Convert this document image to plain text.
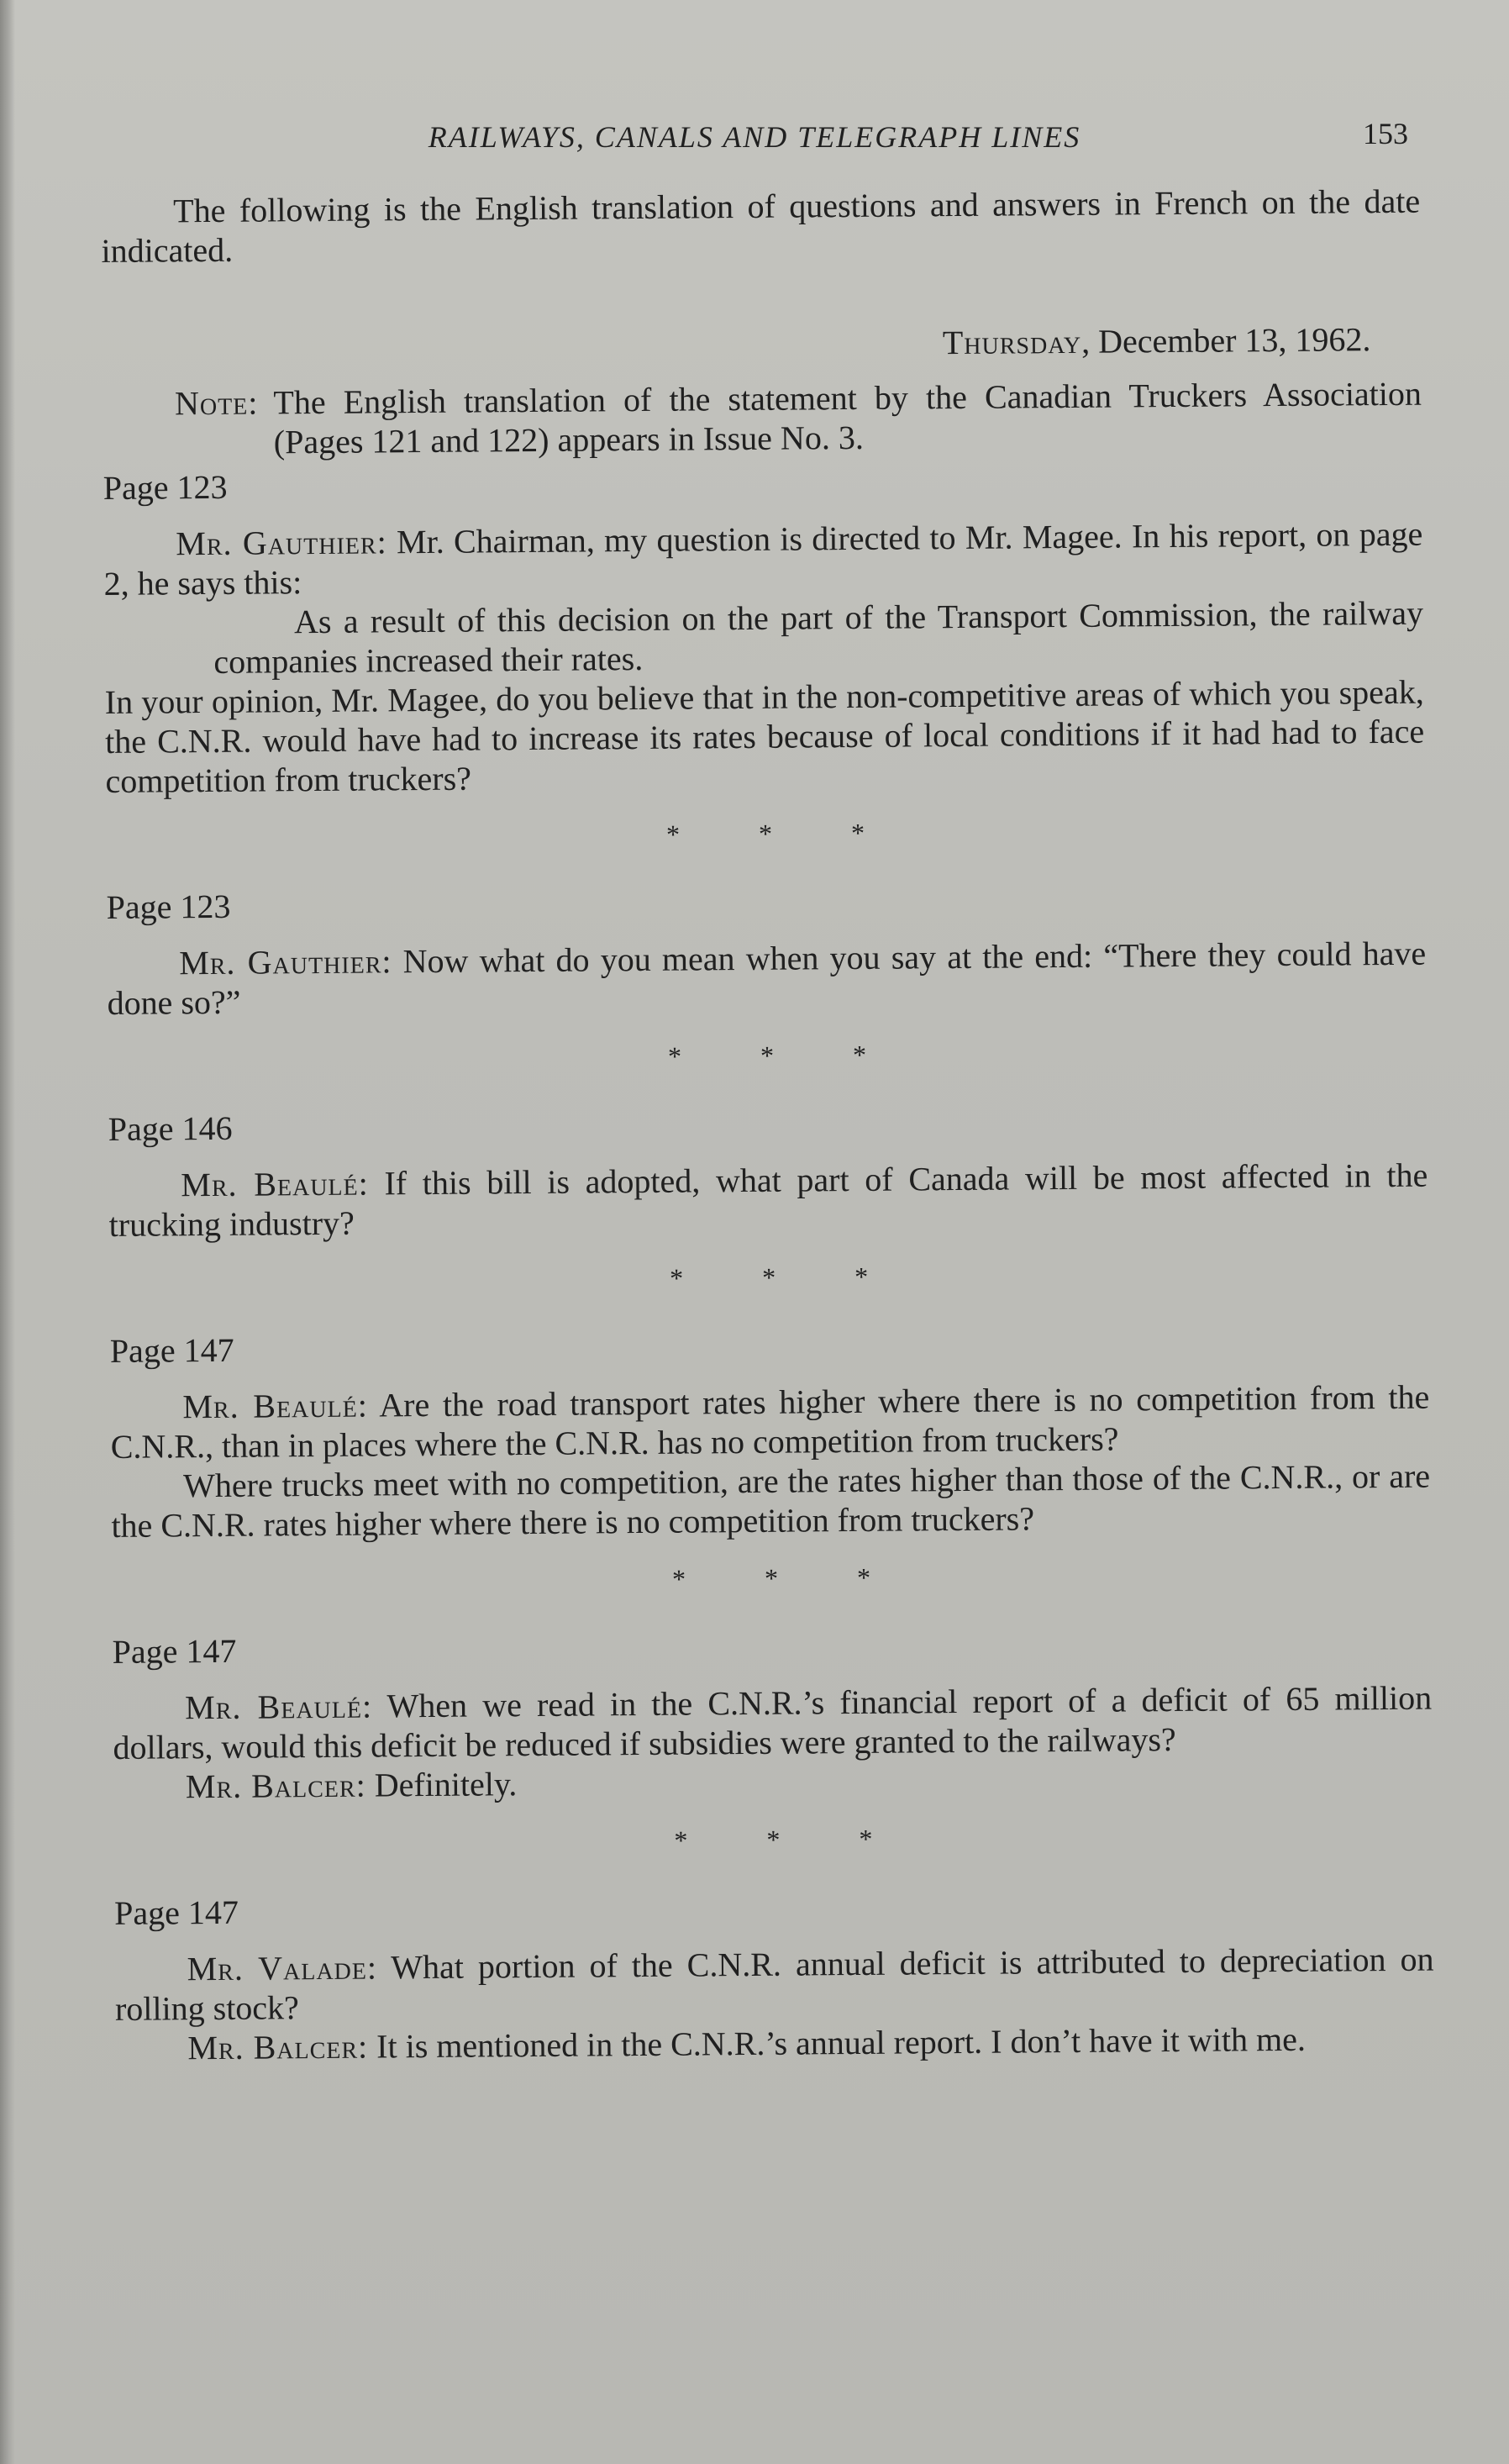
RAILWAYS, CANALS AND TELEGRAPH LINES	153

The following is the English translation of questions and answers in French on the date indicated.

Thursday, December 13, 1962.

Note: The English translation of the statement by the Canadian Truckers Association (Pages 121 and 122) appears in Issue No. 3.

Page 123

Mr. Gauthier: Mr. Chairman, my question is directed to Mr. Magee. In his report, on page 2, he says this:

As a result of this decision on the part of the Transport Commission, the railway companies increased their rates.

In your opinion, Mr. Magee, do you believe that in the non-competitive areas of which you speak, the C.N.R. would have had to increase its rates because of local conditions if it had had to face competition from truckers?

*	*	*

Page 123

Mr. Gauthier: Now what do you mean when you say at the end: “There they could have done so?”

*	*	*

Page 146

Mr. Beaulé: If this bill is adopted, what part of Canada will be most affected in the trucking industry?

*	*	*

Page 147

Mr. Beaulé: Are the road transport rates higher where there is no competition from the C.N.R., than in places where the C.N.R. has no competition from truckers?

Where trucks meet with no competition, are the rates higher than those of the C.N.R., or are the C.N.R. rates higher where there is no competition from truckers?

*	*	*

Page 147

Mr. Beaulé: When we read in the C.N.R.’s financial report of a deficit of 65 million dollars, would this deficit be reduced if subsidies were granted to the railways?

Mr. Balcer: Definitely.

*	*	*

Page 147

Mr. Valade: What portion of the C.N.R. annual deficit is attributed to depreciation on rolling stock?

Mr. Balcer: It is mentioned in the C.N.R.’s annual report. I don’t have it with me.
